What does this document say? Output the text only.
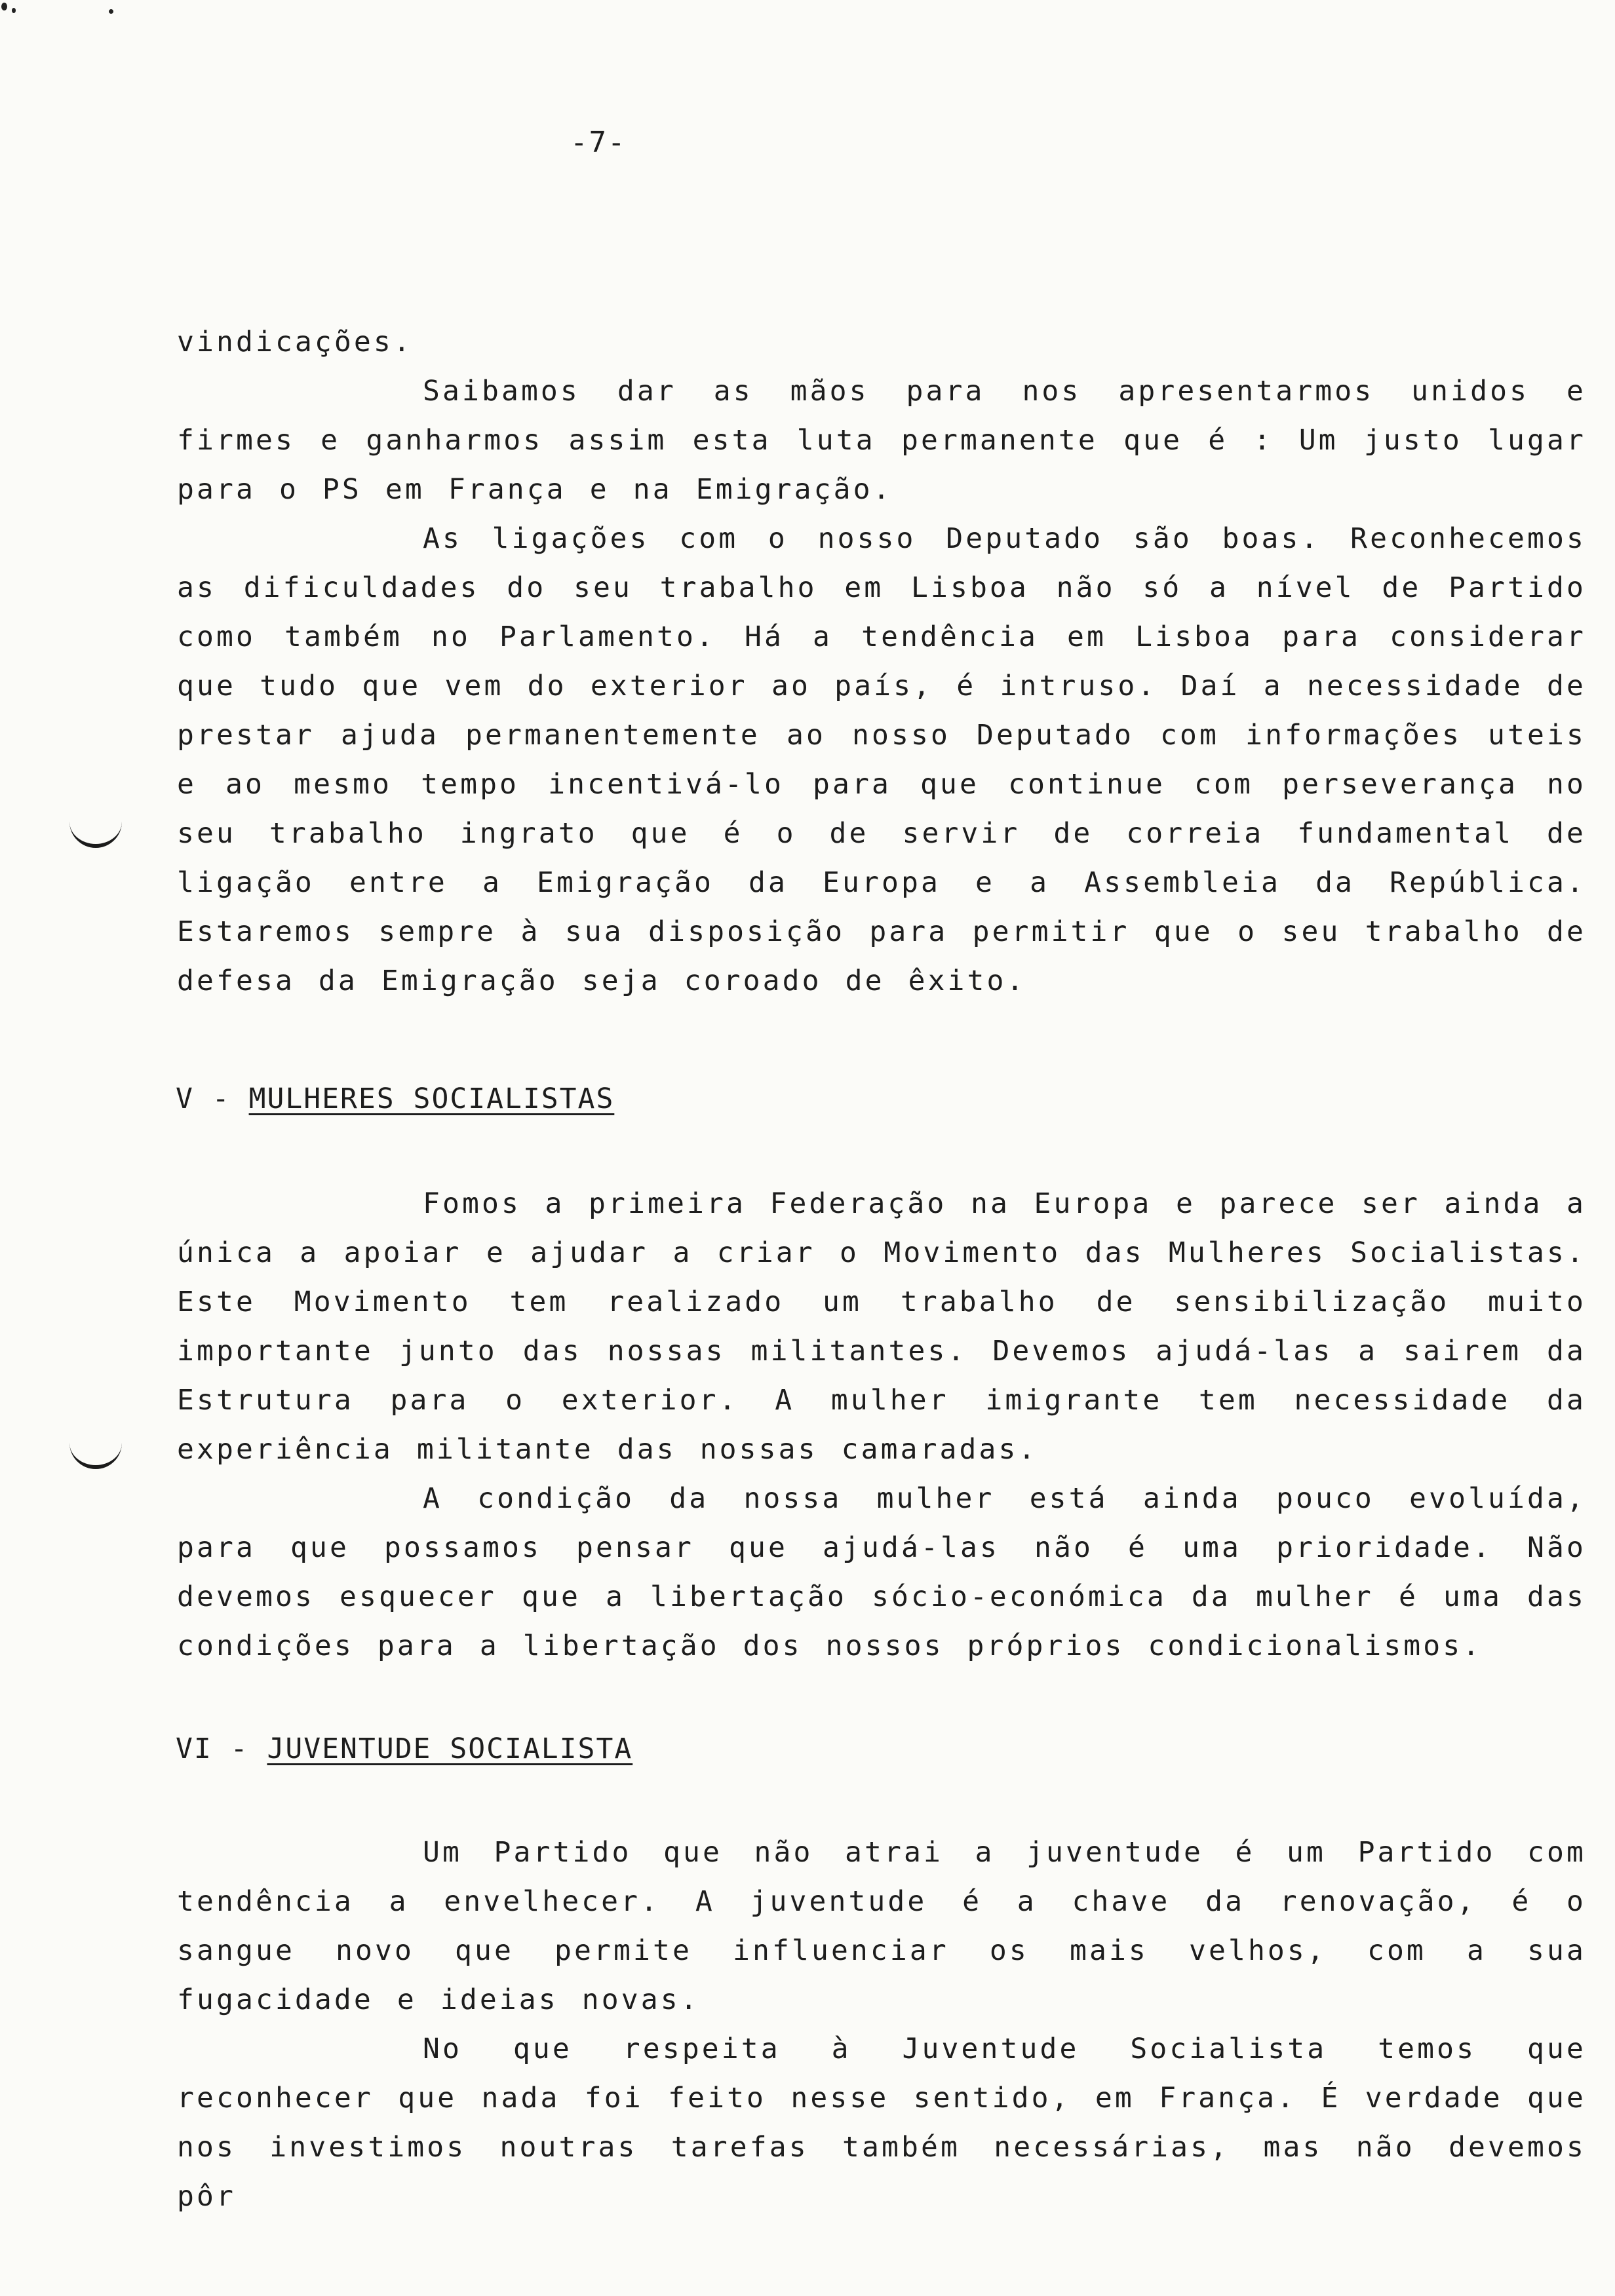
-7-

vindicações.

Saibamos dar as mãos para nos apresentarmos unidos e firmes e ganharmos assim esta luta permanente que é : Um justo lugar para o PS em França e na Emigração.

As ligações com o nosso Deputado são boas. Reconhecemos as dificuldades do seu trabalho em Lisboa não só a nível de Partido como também no Parlamento. Há a tendência em Lisboa para considerar que tudo que vem do exterior ao país, é intruso. Daí a necessidade de prestar ajuda permanentemente ao nosso Deputado com informações uteis e ao mesmo tempo incentivá-lo para que continue com perseverança no seu trabalho ingrato que é o de servir de correia fundamental de ligação entre a Emigração da Europa e a Assembleia da República. Estaremos sempre à sua disposição para permitir que o seu trabalho de defesa da Emigração seja coroado de êxito.

V - MULHERES SOCIALISTAS

Fomos a primeira Federação na Europa e parece ser ainda a única a apoiar e ajudar a criar o Movimento das Mulheres Socialistas. Este Movimento tem realizado um trabalho de sensibilização muito importante junto das nossas militantes. Devemos ajudá-las a sairem da Estrutura para o exterior. A mulher imigrante tem necessidade da experiência militante das nossas camaradas.

A condição da nossa mulher está ainda pouco evoluída, para que possamos pensar que ajudá-las não é uma prioridade. Não devemos esquecer que a libertação sócio-económica da mulher é uma das condições para a libertação dos nossos próprios condicionalismos.

VI - JUVENTUDE SOCIALISTA

Um Partido que não atrai a juventude é um Partido com tendência a envelhecer. A juventude é a chave da renovação, é o sangue novo que permite influenciar os mais velhos, com a sua fugacidade e ideias novas.

No que respeita à Juventude Socialista temos que reconhecer que nada foi feito nesse sentido, em França. É verdade que nos investimos noutras tarefas também necessárias, mas não devemos pôr
